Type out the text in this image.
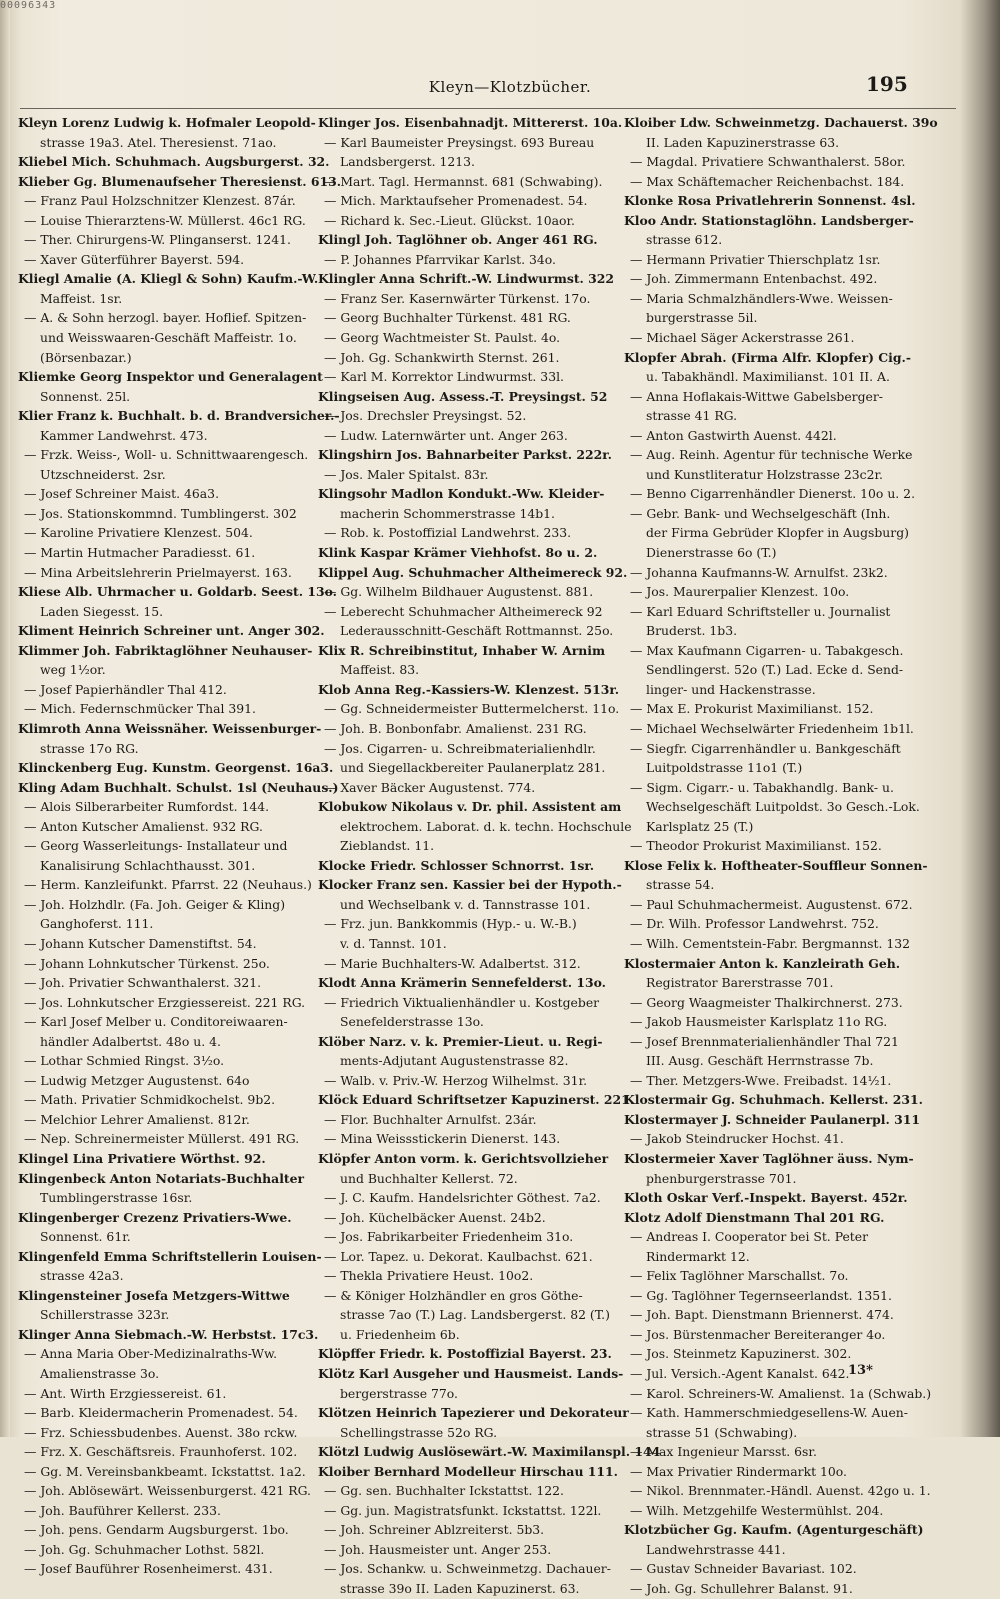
00096343
Kleyn—Klotzbücher.	195
Kleyn Lorenz Ludwig k. Hofmaler Leopold-
strasse 19a3. Atel. Theresienst. 71ao.
Kliebel Mich. Schuhmach. Augsburgerst. 32.
Klieber Gg. Blumenaufseher Theresienst. 613.
— Franz Paul Holzschnitzer Klenzest. 87ár.
— Louise Thierarztens-W. Müllerst. 46c1 RG.
— Ther. Chirurgens-W. Plinganserst. 1241.
— Xaver Güterführer Bayerst. 594.
Kliegl Amalie (A. Kliegl & Sohn) Kaufm.-W.
Maffeist. 1sr.
— A. & Sohn herzogl. bayer. Hoflief. Spitzen-
und Weisswaaren-Geschäft Maffeistr. 1o.
(Börsenbazar.)
Kliemke Georg Inspektor und Generalagent
Sonnenst. 25l.
Klier Franz k. Buchhalt. b. d. Brandversicher.-
Kammer Landwehrst. 473.
— Frzk. Weiss-, Woll- u. Schnittwaarengesch.
Utzschneiderst. 2sr.
— Josef Schreiner Maist. 46a3.
— Jos. Stationskommnd. Tumblingerst. 302
— Karoline Privatiere Klenzest. 504.
— Martin Hutmacher Paradiesst. 61.
— Mina Arbeitslehrerin Prielmayerst. 163.
Kliese Alb. Uhrmacher u. Goldarb. Seest. 13o.
Laden Siegesst. 15.
Kliment Heinrich Schreiner unt. Anger 302.
Klimmer Joh. Fabriktaglöhner Neuhauser-
weg 1½or.
— Josef Papierhändler Thal 412.
— Mich. Federnschmücker Thal 391.
Klimroth Anna Weissnäher. Weissenburger-
strasse 17o RG.
Klinckenberg Eug. Kunstm. Georgenst. 16a3.
Kling Adam Buchhalt. Schulst. 1sl (Neuhaus.)
— Alois Silberarbeiter Rumfordst. 144.
— Anton Kutscher Amalienst. 932 RG.
— Georg Wasserleitungs- Installateur und
Kanalisirung Schlachthausst. 301.
— Herm. Kanzleifunkt. Pfarrst. 22 (Neuhaus.)
— Joh. Holzhdlr. (Fa. Joh. Geiger & Kling)
Ganghoferst. 111.
— Johann Kutscher Damenstiftst. 54.
— Johann Lohnkutscher Türkenst. 25o.
— Joh. Privatier Schwanthalerst. 321.
— Jos. Lohnkutscher Erzgiessereist. 221 RG.
— Karl Josef Melber u. Conditoreiwaaren-
händler Adalbertst. 48o u. 4.
— Lothar Schmied Ringst. 3½o.
— Ludwig Metzger Augustenst. 64o
— Math. Privatier Schmidkochelst. 9b2.
— Melchior Lehrer Amalienst. 812r.
— Nep. Schreinermeister Müllerst. 491 RG.
Klingel Lina Privatiere Wörthst. 92.
Klingenbeck Anton Notariats-Buchhalter
Tumblingerstrasse 16sr.
Klingenberger Crezenz Privatiers-Wwe.
Sonnenst. 61r.
Klingenfeld Emma Schriftstellerin Louisen-
strasse 42a3.
Klingensteiner Josefa Metzgers-Wittwe
Schillerstrasse 323r.
Klinger Anna Siebmach.-W. Herbstst. 17c3.
— Anna Maria Ober-Medizinalraths-Ww.
Amalienstrasse 3o.
— Ant. Wirth Erzgiessereist. 61.
— Barb. Kleidermacherin Promenadest. 54.
— Frz. Schiessbudenbes. Auenst. 38o rckw.
— Frz. X. Geschäftsreis. Fraunhoferst. 102.
— Gg. M. Vereinsbankbeamt. Ickstattst. 1a2.
— Joh. Ablösewärt. Weissenburgerst. 421 RG.
— Joh. Bauführer Kellerst. 233.
— Joh. pens. Gendarm Augsburgerst. 1bo.
— Joh. Gg. Schuhmacher Lothst. 582l.
— Josef Bauführer Rosenheimerst. 431.
Klinger Jos. Eisenbahnadjt. Mittererst. 10a.
— Karl Baumeister Preysingst. 693 Bureau
Landsbergerst. 1213.
— Mart. Tagl. Hermannst. 681 (Schwabing).
— Mich. Marktaufseher Promenadest. 54.
— Richard k. Sec.-Lieut. Glückst. 10aor.
Klingl Joh. Taglöhner ob. Anger 461 RG.
— P. Johannes Pfarrvikar Karlst. 34o.
Klingler Anna Schrift.-W. Lindwurmst. 322
— Franz Ser. Kasernwärter Türkenst. 17o.
— Georg Buchhalter Türkenst. 481 RG.
— Georg Wachtmeister St. Paulst. 4o.
— Joh. Gg. Schankwirth Sternst. 261.
— Karl M. Korrektor Lindwurmst. 33l.
Klingseisen Aug. Assess.-T. Preysingst. 52
— Jos. Drechsler Preysingst. 52.
— Ludw. Laternwärter unt. Anger 263.
Klingshirn Jos. Bahnarbeiter Parkst. 222r.
— Jos. Maler Spitalst. 83r.
Klingsohr Madlon Kondukt.-Ww. Kleider-
macherin Schommerstrasse 14b1.
— Rob. k. Postoffizial Landwehrst. 233.
Klink Kaspar Krämer Viehhofst. 8o u. 2.
Klippel Aug. Schuhmacher Altheimereck 92.
— Gg. Wilhelm Bildhauer Augustenst. 881.
— Leberecht Schuhmacher Altheimereck 92
Lederausschnitt-Geschäft Rottmannst. 25o.
Klix R. Schreibinstitut, Inhaber W. Arnim
Maffeist. 83.
Klob Anna Reg.-Kassiers-W. Klenzest. 513r.
— Gg. Schneidermeister Buttermelcherst. 11o.
— Joh. B. Bonbonfabr. Amalienst. 231 RG.
— Jos. Cigarren- u. Schreibmaterialienhdlr.
und Siegellackbereiter Paulanerplatz 281.
— Xaver Bäcker Augustenst. 774.
Klobukow Nikolaus v. Dr. phil. Assistent am
elektrochem. Laborat. d. k. techn. Hochschule
Zieblandst. 11.
Klocke Friedr. Schlosser Schnorrst. 1sr.
Klocker Franz sen. Kassier bei der Hypoth.-
und Wechselbank v. d. Tannstrasse 101.
— Frz. jun. Bankkommis (Hyp.- u. W.-B.)
v. d. Tannst. 101.
— Marie Buchhalters-W. Adalbertst. 312.
Klodt Anna Krämerin Sennefelderst. 13o.
— Friedrich Viktualienhändler u. Kostgeber
Senefelderstrasse 13o.
Klöber Narz. v. k. Premier-Lieut. u. Regi-
ments-Adjutant Augustenstrasse 82.
— Walb. v. Priv.-W. Herzog Wilhelmst. 31r.
Klöck Eduard Schriftsetzer Kapuzinerst. 221.
— Flor. Buchhalter Arnulfst. 23ár.
— Mina Weissstickerin Dienerst. 143.
Klöpfer Anton vorm. k. Gerichtsvollzieher
und Buchhalter Kellerst. 72.
— J. C. Kaufm. Handelsrichter Göthest. 7a2.
— Joh. Küchelbäcker Auenst. 24b2.
— Jos. Fabrikarbeiter Friedenheim 31o.
— Lor. Tapez. u. Dekorat. Kaulbachst. 621.
— Thekla Privatiere Heust. 10o2.
— & Königer Holzhändler en gros Göthe-
strasse 7ao (T.) Lag. Landsbergerst. 82 (T.)
u. Friedenheim 6b.
Klöpffer Friedr. k. Postoffizial Bayerst. 23.
Klötz Karl Ausgeher und Hausmeist. Lands-
bergerstrasse 77o.
Klötzen Heinrich Tapezierer und Dekorateur
Schellingstrasse 52o RG.
Klötzl Ludwig Auslösewärt.-W. Maximilanspl. 144
Kloiber Bernhard Modelleur Hirschau 111.
— Gg. sen. Buchhalter Ickstattst. 122.
— Gg. jun. Magistratsfunkt. Ickstattst. 122l.
— Joh. Schreiner Ablzreiterst. 5b3.
— Joh. Hausmeister unt. Anger 253.
— Jos. Schankw. u. Schweinmetzg. Dachauer-
strasse 39o II. Laden Kapuzinerst. 63.
Kloiber Ldw. Schweinmetzg. Dachauerst. 39o
II. Laden Kapuzinerstrasse 63.
— Magdal. Privatiere Schwanthalerst. 58or.
— Max Schäftemacher Reichenbachst. 184.
Klonke Rosa Privatlehrerin Sonnenst. 4sl.
Kloo Andr. Stationstaglöhn. Landsberger-
strasse 612.
— Hermann Privatier Thierschplatz 1sr.
— Joh. Zimmermann Entenbachst. 492.
— Maria Schmalzhändlers-Wwe. Weissen-
burgerstrasse 5il.
— Michael Säger Ackerstrasse 261.
Klopfer Abrah. (Firma Alfr. Klopfer) Cig.-
u. Tabakhändl. Maximilianst. 101 II. A.
— Anna Hoflakais-Wittwe Gabelsberger-
strasse 41 RG.
— Anton Gastwirth Auenst. 442l.
— Aug. Reinh. Agentur für technische Werke
und Kunstliteratur Holzstrasse 23c2r.
— Benno Cigarrenhändler Dienerst. 10o u. 2.
— Gebr. Bank- und Wechselgeschäft (Inh.
der Firma Gebrüder Klopfer in Augsburg)
Dienerstrasse 6o (T.)
— Johanna Kaufmanns-W. Arnulfst. 23k2.
— Jos. Maurerpalier Klenzest. 10o.
— Karl Eduard Schriftsteller u. Journalist
Bruderst. 1b3.
— Max Kaufmann Cigarren- u. Tabakgesch.
Sendlingerst. 52o (T.) Lad. Ecke d. Send-
linger- und Hackenstrasse.
— Max E. Prokurist Maximilianst. 152.
— Michael Wechselwärter Friedenheim 1b1l.
— Siegfr. Cigarrenhändler u. Bankgeschäft
Luitpoldstrasse 11o1 (T.)
— Sigm. Cigarr.- u. Tabakhandlg. Bank- u.
Wechselgeschäft Luitpoldst. 3o Gesch.-Lok.
Karlsplatz 25 (T.)
— Theodor Prokurist Maximilianst. 152.
Klose Felix k. Hoftheater-Souffleur Sonnen-
strasse 54.
— Paul Schuhmachermeist. Augustenst. 672.
— Dr. Wilh. Professor Landwehrst. 752.
— Wilh. Cementstein-Fabr. Bergmannst. 132
Klostermaier Anton k. Kanzleirath Geh.
Registrator Barerstrasse 701.
— Georg Waagmeister Thalkirchnerst. 273.
— Jakob Hausmeister Karlsplatz 11o RG.
— Josef Brennmaterialienhändler Thal 721
III. Ausg. Geschäft Herrnstrasse 7b.
— Ther. Metzgers-Wwe. Freibadst. 14½1.
Klostermair Gg. Schuhmach. Kellerst. 231.
Klostermayer J. Schneider Paulanerpl. 311
— Jakob Steindrucker Hochst. 41.
Klostermeier Xaver Taglöhner äuss. Nym-
phenburgerstrasse 701.
Kloth Oskar Verf.-Inspekt. Bayerst. 452r.
Klotz Adolf Dienstmann Thal 201 RG.
— Andreas I. Cooperator bei St. Peter
Rindermarkt 12.
— Felix Taglöhner Marschallst. 7o.
— Gg. Taglöhner Tegernseerlandst. 1351.
— Joh. Bapt. Dienstmann Briennerst. 474.
— Jos. Bürstenmacher Bereiteranger 4o.
— Jos. Steinmetz Kapuzinerst. 302.
— Jul. Versich.-Agent Kanalst. 642.
— Karol. Schreiners-W. Amalienst. 1a (Schwab.)
— Kath. Hammerschmiedgesellens-W. Auen-
strasse 51 (Schwabing).
— Max Ingenieur Marsst. 6sr.
— Max Privatier Rindermarkt 10o.
— Nikol. Brennmater.-Händl. Auenst. 42go u. 1.
— Wilh. Metzgehilfe Westermühlst. 204.
Klotzbücher Gg. Kaufm. (Agenturgeschäft)
Landwehrstrasse 441.
— Gustav Schneider Bavariast. 102.
— Joh. Gg. Schullehrer Balanst. 91.
13*
